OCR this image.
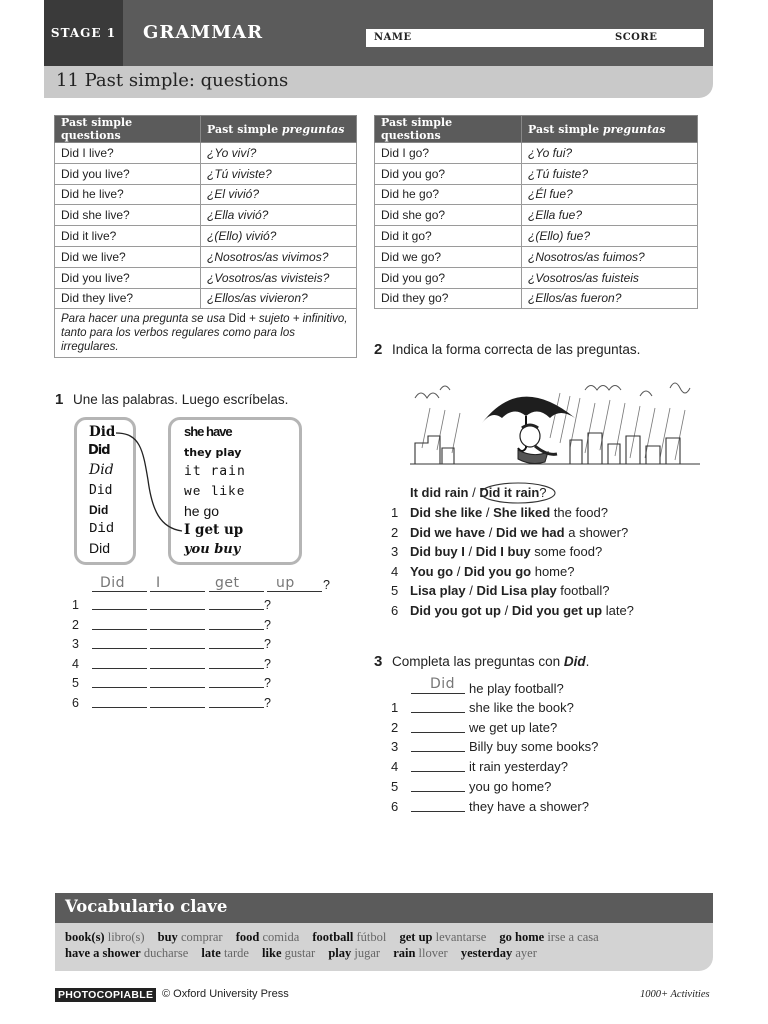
STAGE 1	GRAMMAR	NAME	SCORE
11 Past simple: questions
Past simple questions	Past simple preguntas
Did I live?	¿Yo viví?
Did you live?	¿Tú viviste?
Did he live?	¿El vivió?
Did she live?	¿Ella vivió?
Did it live?	¿(Ello) vivió?
Did we live?	¿Nosotros/as vivimos?
Did you live?	¿Vosotros/as vivisteis?
Did they live?	¿Ellos/as vivieron?
Past simple questions	Past simple preguntas
Did I go?	¿Yo fui?
Did you go?	¿Tú fuiste?
Did he go?	¿Él fue?
Did she go?	¿Ella fue?
Did it go?	¿(Ello) fue?
Did we go?	¿Nosotros/as fuimos?
Did you go?	¿Vosotros/as fuisteis
Did they go?	¿Ellos/as fueron?
Para hacer una pregunta se usa Did + sujeto + infinitivo, tanto para los verbos regulares como para los irregulares.
1 Une las palabras. Luego escríbelas.
Did
Did
Did
Did
Did
Did
Did
she have
they play
it rain
we like
he go
I get up
you buy
Did I	get	up ?
1	?
2	?
3	?
4	?
5	?
6	?
2 Indica la forma correcta de las preguntas.
It did rain / Did it rain?
1 Did she like / She liked the food?
2 Did we have / Did we had a shower?
3 Did buy I / Did I buy some food?
4 You go / Did you go home?
5 Lisa play / Did Lisa play football?
6 Did you got up / Did you get up late?
3 Completa las preguntas con Did.
Did he play football?
1	she like the book?
2	we get up late?
3	Billy buy some books?
4	it rain yesterday?
5	you go home?
6	they have a shower?
Vocabulario clave
book(s) libro(s) buy comprar food comida football fútbol get up levantarse go home irse a casa
have a shower ducharse late tarde like gustar play jugar rain llover yesterday ayer
PHOTOCOPIABLE © Oxford University Press	1000+ Activities
